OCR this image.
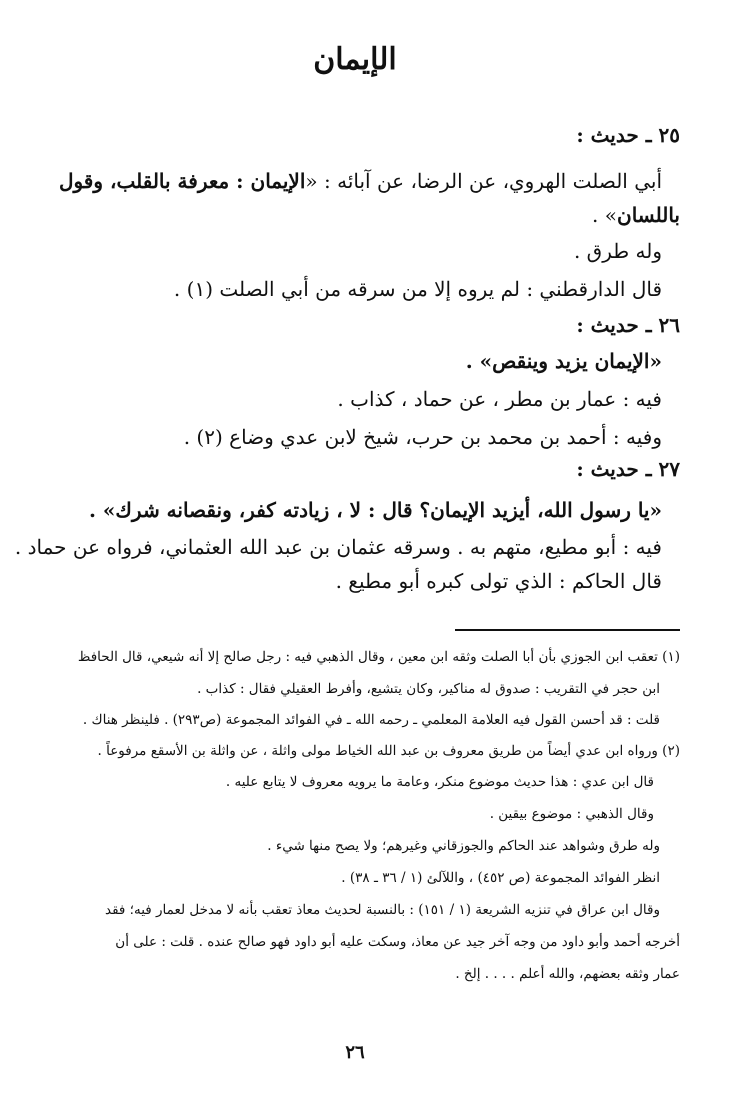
الإيمان
٢٥ ـ حديث :
أبي الصلت الهروي، عن الرضا، عن آبائه : «الإيمان : معرفة بالقلب، وقول
باللسان» .
وله طرق .
قال الدارقطني : لم يروه إلا من سرقه من أبي الصلت (١) .
٢٦ ـ حديث :
«الإيمان يزيد وينقص» .
فيه : عمار بن مطر ، عن حماد ، كذاب .
وفيه : أحمد بن محمد بن حرب، شيخ لابن عدي وضاع (٢) .
٢٧ ـ حديث :
«يا رسول الله، أيزيد الإيمان؟ قال : لا ، زيادته كفر، ونقصانه شرك» .
فيه : أبو مطيع، متهم به . وسرقه عثمان بن عبد الله العثماني، فرواه عن حماد .
قال الحاكم : الذي تولى كبره أبو مطيع .
(١) تعقب ابن الجوزي بأن أبا الصلت وثقه ابن معين ، وقال الذهبي فيه : رجل صالح إلا أنه شيعي، قال الحافظ
ابن حجر في التقريب : صدوق له مناكير، وكان يتشيع، وأفرط العقيلي فقال : كذاب .
قلت : قد أحسن القول فيه العلامة المعلمي ـ رحمه الله ـ في الفوائد المجموعة (ص٢٩٣) . فلينظر هناك .
(٢) ورواه ابن عدي أيضاً من طريق معروف بن عبد الله الخياط مولى واثلة ، عن واثلة بن الأسقع مرفوعاً .
قال ابن عدي : هذا حديث موضوع منكر، وعامة ما يرويه معروف لا يتابع عليه .
وقال الذهبي : موضوع بيقين .
وله طرق وشواهد عند الحاكم والجوزقاني وغيرهم؛ ولا يصح منها شيء .
انظر الفوائد المجموعة (ص ٤٥٢) ، واللآلئ (١ / ٣٦ ـ ٣٨) .
وقال ابن عراق في تنزيه الشريعة (١ / ١٥١) : بالنسبة لحديث معاذ تعقب بأنه لا مدخل لعمار فيه؛ فقد
أخرجه أحمد وأبو داود من وجه آخر جيد عن معاذ، وسكت عليه أبو داود فهو صالح عنده . قلت : على أن
عمار وثقه بعضهم، والله أعلم . . . . إلخ .
٢٦
